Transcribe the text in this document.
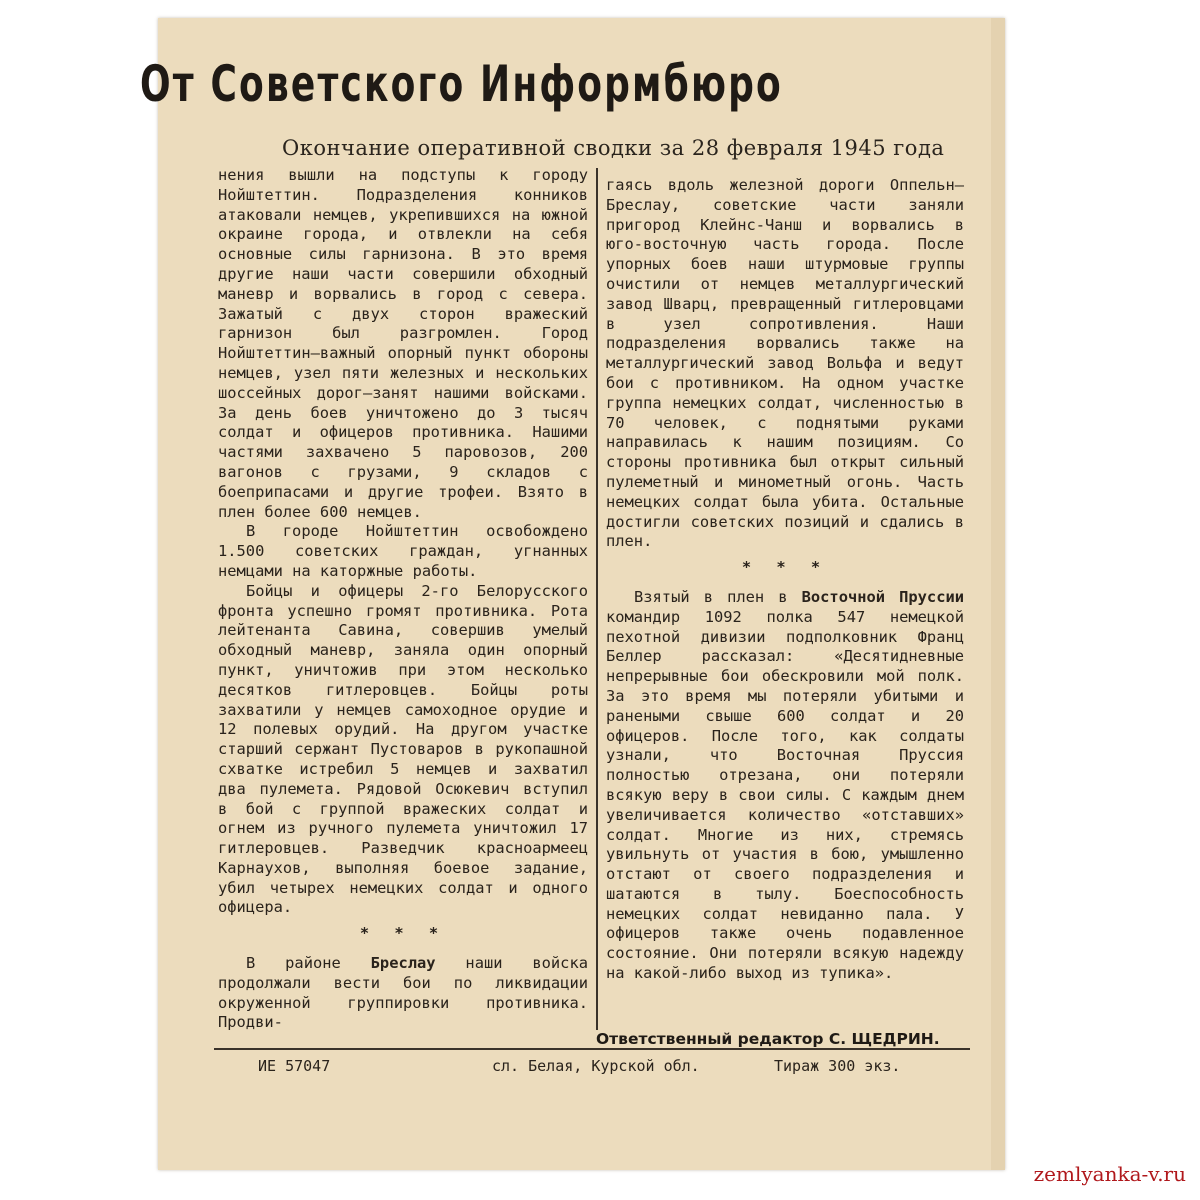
От Советского Информбюро
Окончание оперативной сводки за 28 февраля 1945 года

нения вышли на подступы к городу Нойштеттин. Подразделения конников атаковали немцев, укрепившихся на южной окраине города, и отвлекли на себя основные силы гарнизона. В это время другие наши части совершили обходный маневр и ворвались в город с севера. Зажатый с двух сторон вражеский гарнизон был разгромлен. Город Нойштеттин—важный опорный пункт обороны немцев, узел пяти железных и нескольких шоссейных дорог—занят нашими войсками. За день боев уничтожено до 3 тысяч солдат и офицеров противника. Нашими частями захвачено 5 паровозов, 200 вагонов с грузами, 9 складов с боеприпасами и другие трофеи. Взято в плен более 600 немцев.

В городе Нойштеттин освобождено 1.500 советских граждан, угнанных немцами на каторжные работы.

Бойцы и офицеры 2-го Белорусского фронта успешно громят противника. Рота лейтенанта Савина, совершив умелый обходный маневр, заняла один опорный пункт, уничтожив при этом несколько десятков гитлеровцев. Бойцы роты захватили у немцев самоходное орудие и 12 полевых орудий. На другом участке старший сержант Пустоваров в рукопашной схватке истребил 5 немцев и захватил два пулемета. Рядовой Осюкевич вступил в бой с группой вражеских солдат и огнем из ручного пулемета уничтожил 17 гитлеровцев. Разведчик красноармеец Карнаухов, выполняя боевое задание, убил четырех немецких солдат и одного офицера.

* * *

В районе Бреслау наши войска продолжали вести бои по ликвидации окруженной группировки противника. Продви-

гаясь вдоль железной дороги Оппельн—Бреслау, советские части заняли пригород Клейнс-Чанш и ворвались в юго-восточную часть города. После упорных боев наши штурмовые группы очистили от немцев металлургический завод Шварц, превращенный гитлеровцами в узел сопротивления. Наши подразделения ворвались также на металлургический завод Вольфа и ведут бои с противником. На одном участке группа немецких солдат, численностью в 70 человек, с поднятыми руками направилась к нашим позициям. Со стороны противника был открыт сильный пулеметный и минометный огонь. Часть немецких солдат была убита. Остальные достигли советских позиций и сдались в плен.

* * *

Взятый в плен в Восточной Пруссии командир 1092 полка 547 немецкой пехотной дивизии подполковник Франц Беллер рассказал: «Десятидневные непрерывные бои обескровили мой полк. За это время мы потеряли убитыми и ранеными свыше 600 солдат и 20 офицеров. После того, как солдаты узнали, что Восточная Пруссия полностью отрезана, они потеряли всякую веру в свои силы. С каждым днем увеличивается количество «отставших» солдат. Многие из них, стремясь увильнуть от участия в бою, умышленно отстают от своего подразделения и шатаются в тылу. Боеспособность немецких солдат невиданно пала. У офицеров также очень подавленное состояние. Они потеряли всякую надежду на какой-либо выход из тупика».

Ответственный редактор С. ЩЕДРИН.
ИЕ 57047	сл. Белая, Курской обл.	Тираж 300 экз.
zemlyanka-v.ru
